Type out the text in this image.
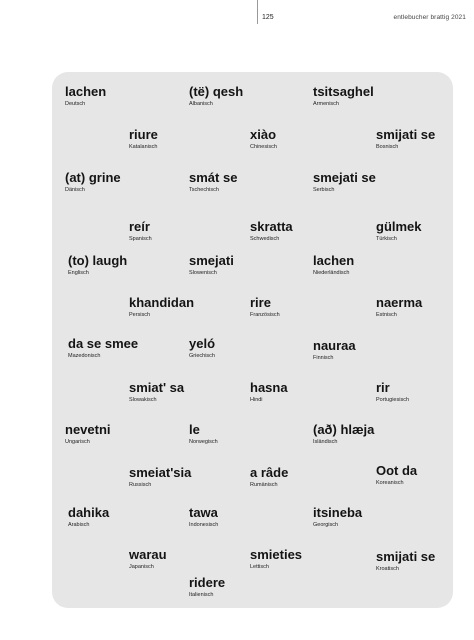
125	entlebucher brattig 2021
lachen
Deutsch
(të) qesh
Albanisch
tsitsaghel
Armenisch
riure
Katalanisch
xiào
Chinesisch
smijati se
Bosnisch
(at) grine
Dänisch
smát se
Tschechisch
smejati se
Serbisch
reír
Spanisch
skratta
Schwedisch
gülmek
Türkisch
(to) laugh
Englisch
smejati
Slowenisch
lachen
Niederländisch
khandidan
Persisch
rire
Französisch
naerma
Estnisch
da se smee
Mazedonisch
yeló
Griechisch
nauraa
Finnisch
smiat' sa
Slowakisch
hasna
Hindi
rir
Portugiesisch
nevetni
Ungarisch
le
Norwegisch
(að) hlæja
Isländisch
smeiat'sia
Russisch
a râde
Rumänisch
Oot da
Koreanisch
dahika
Arabisch
tawa
Indonesisch
itsineba
Georgisch
warau
Japanisch
smieties
Lettisch
smijati se
Kroatisch
ridere
Italienisch
